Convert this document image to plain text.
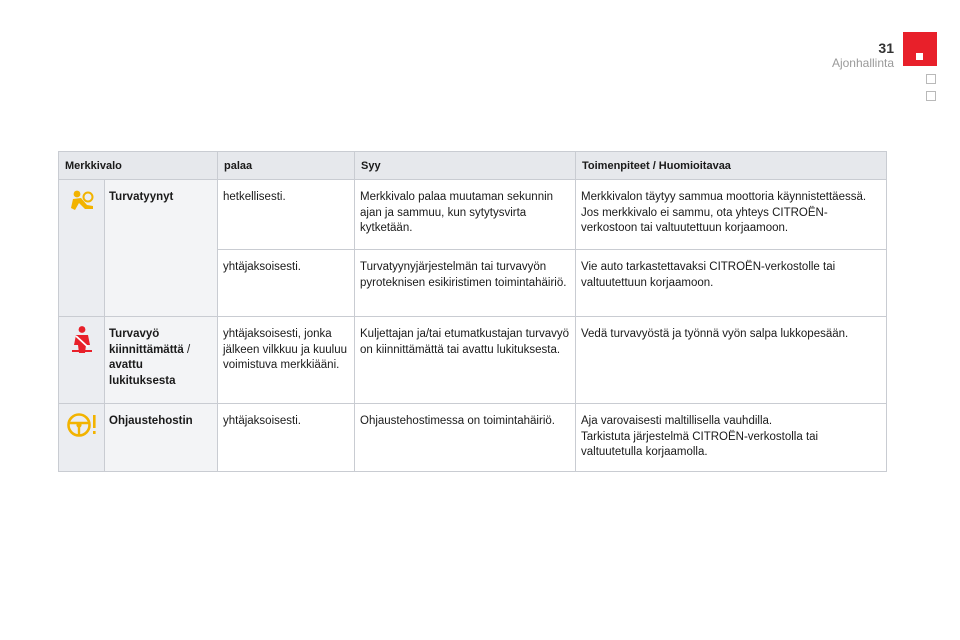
31
Ajonhallinta
Merkkivalo		palaa	Syy	Toimenpiteet / Huomioitavaa

	Turvatyynyt	hetkellisesti.	Merkkivalo palaa muutaman sekunnin ajan ja sammuu, kun sytytysvirta kytketään.	Merkkivalon täytyy sammua moottoria käynnistettäessä.
Jos merkkivalo ei sammu, ota yhteys CITROËN-verkostoon tai valtuutettuun korjaamoon.

		yhtäjaksoisesti.	Turvatyynyjärjestelmän tai turvavyön pyroteknisen esikiristimen toimintahäiriö.	Vie auto tarkastettavaksi CITROËN-verkostolle tai valtuutettuun korjaamoon.

	Turvavyö kiinnittämättä / avattu lukituksesta	yhtäjaksoisesti, jonka jälkeen vilkkuu ja kuuluu voimistuva merkkiääni.	Kuljettajan ja/tai etumatkustajan turvavyö on kiinnittämättä tai avattu lukituksesta.	Vedä turvavyöstä ja työnnä vyön salpa lukkopesään.

	Ohjaustehostin	yhtäjaksoisesti.	Ohjaustehostimessa on toimintahäiriö.	Aja varovaisesti maltillisella vauhdilla.
Tarkistuta järjestelmä CITROËN-verkostolla tai valtuutetulla korjaamolla.
